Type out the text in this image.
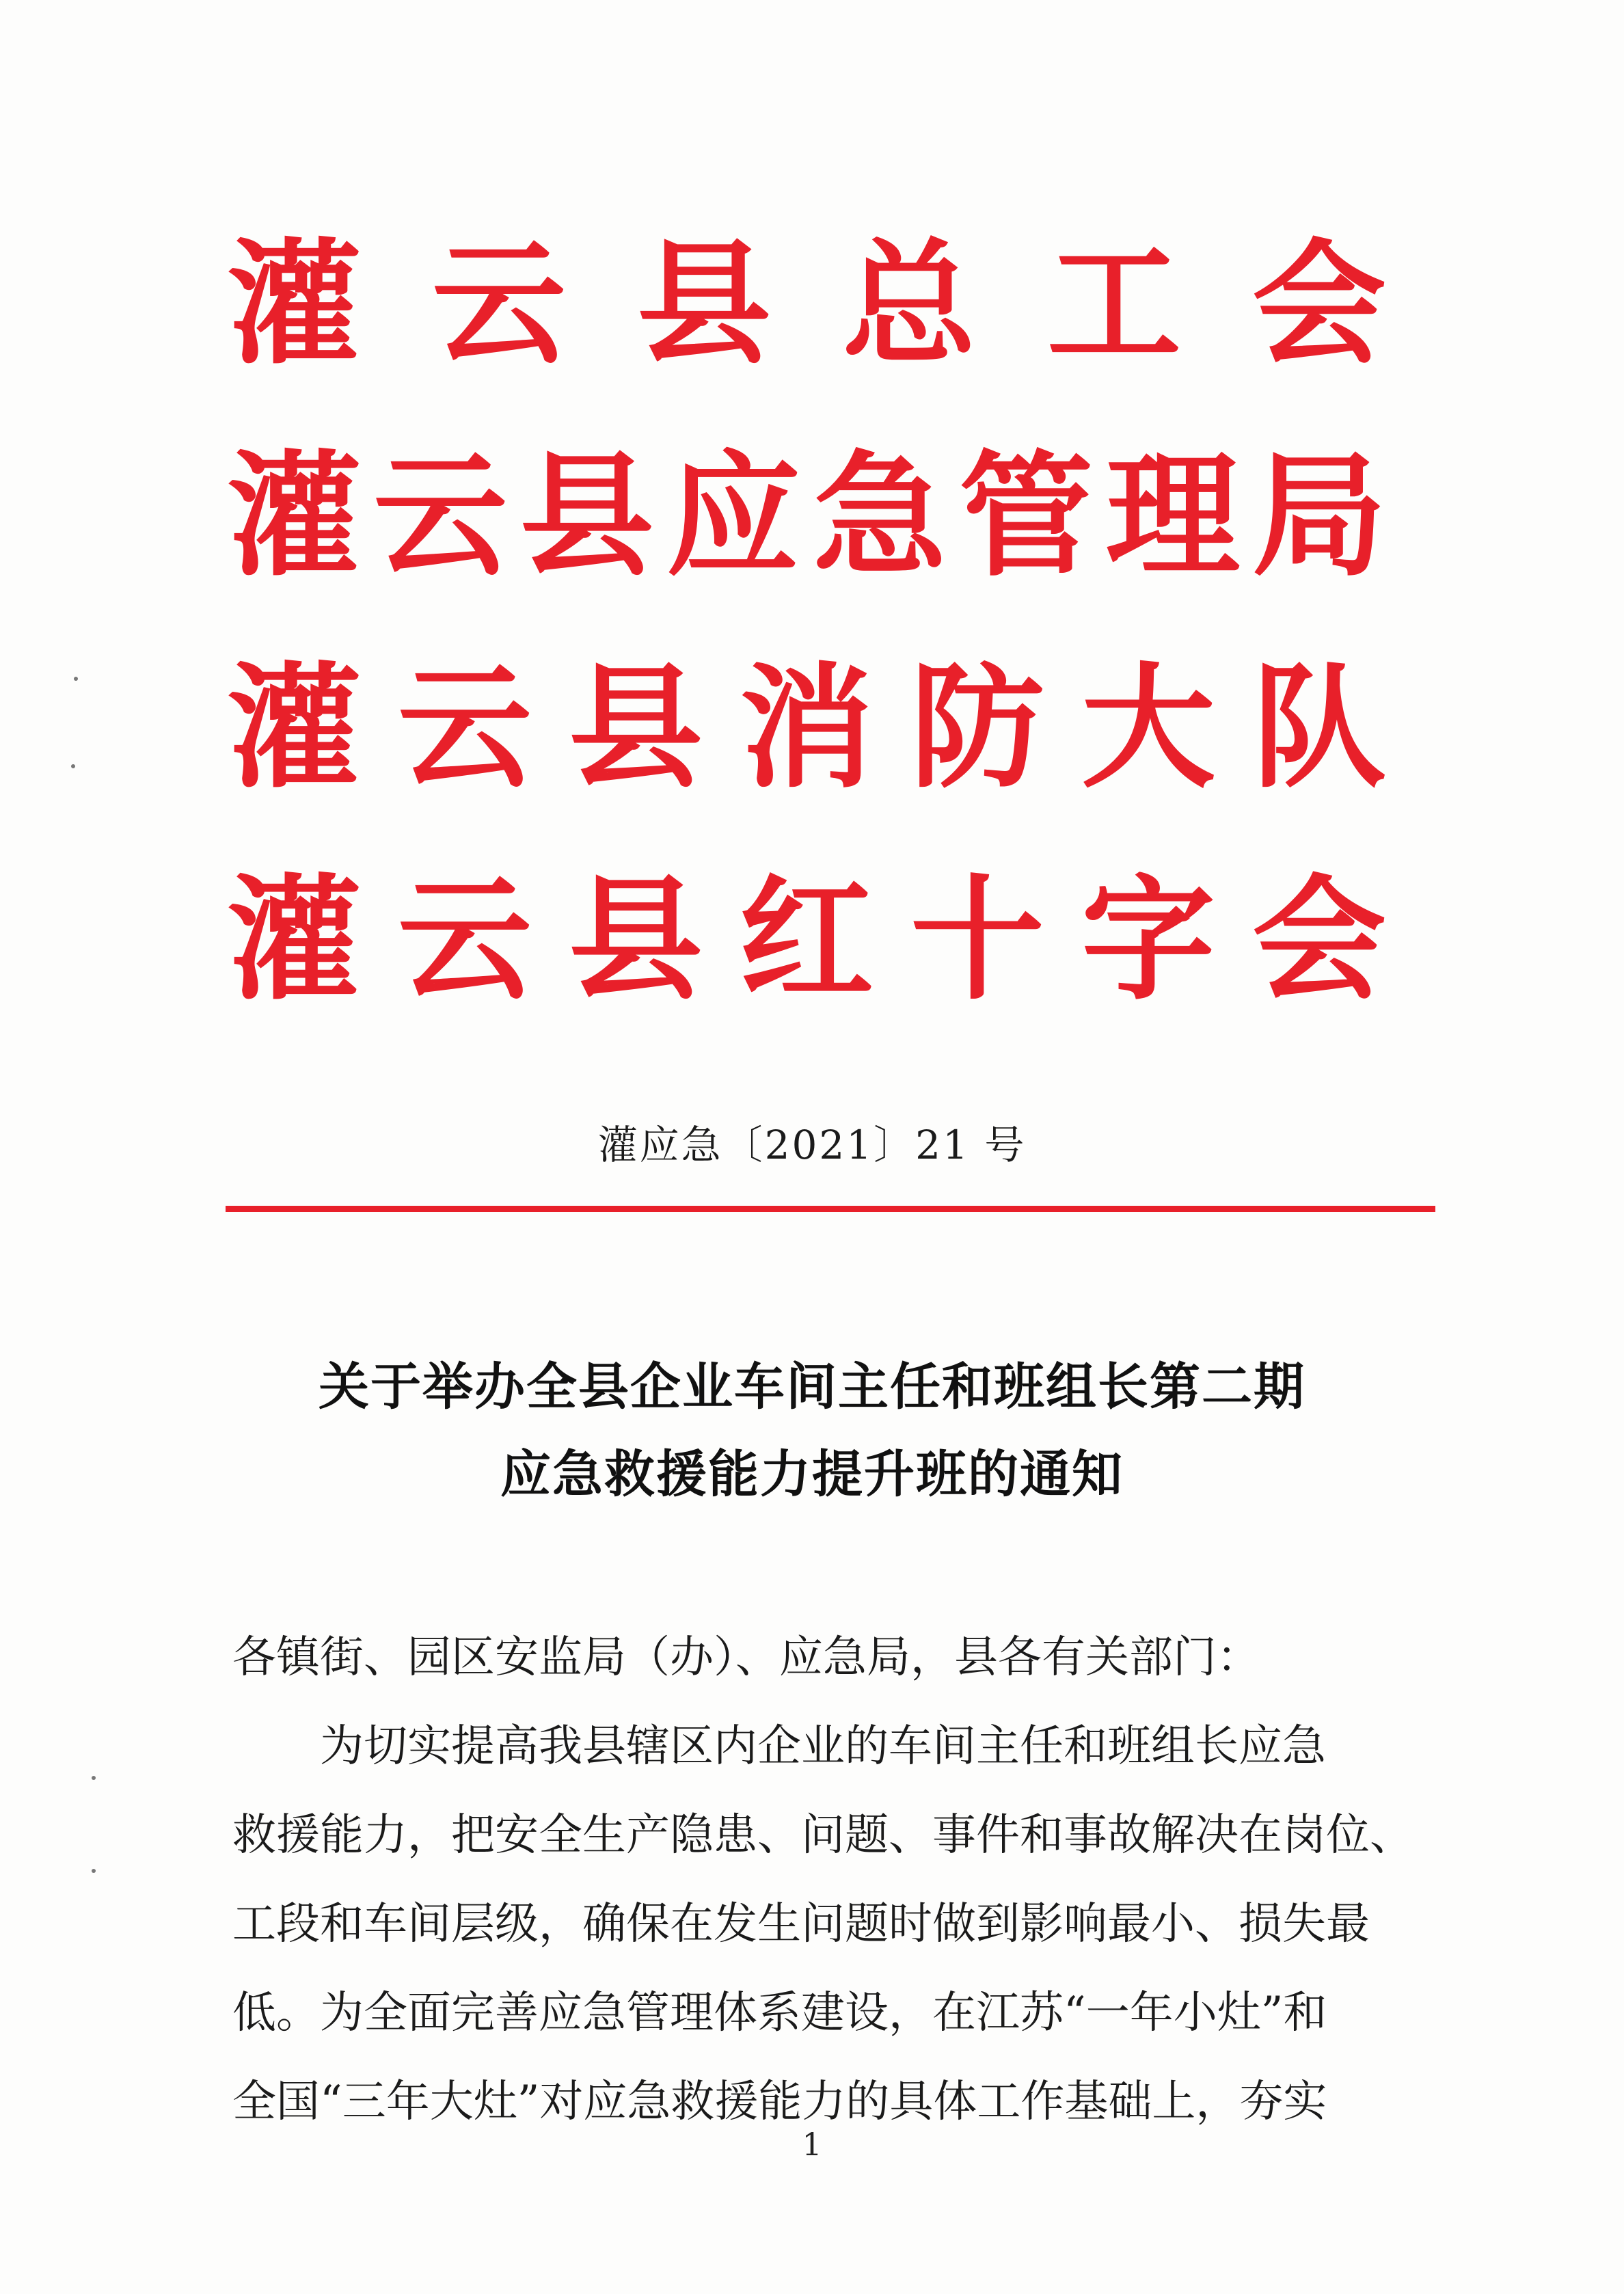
灌 云 县 总 工 会
灌 云 县 应 急 管 理 局
灌 云 县 消 防 大 队
灌 云 县 红 十 字 会
灌应急〔2021〕21 号
关于举办全县企业车间主任和班组长第二期
应急救援能力提升班的通知
各镇街、园区安监局（办）、应急局，县各有关部门：
为切实提高我县辖区内企业的车间主任和班组长应急
救援能力，把安全生产隐患、问题、事件和事故解决在岗位、
工段和车间层级，确保在发生问题时做到影响最小、损失最
低。为全面完善应急管理体系建设，在江苏“一年小灶”和
全国“三年大灶”对应急救援能力的具体工作基础上，夯实
1
